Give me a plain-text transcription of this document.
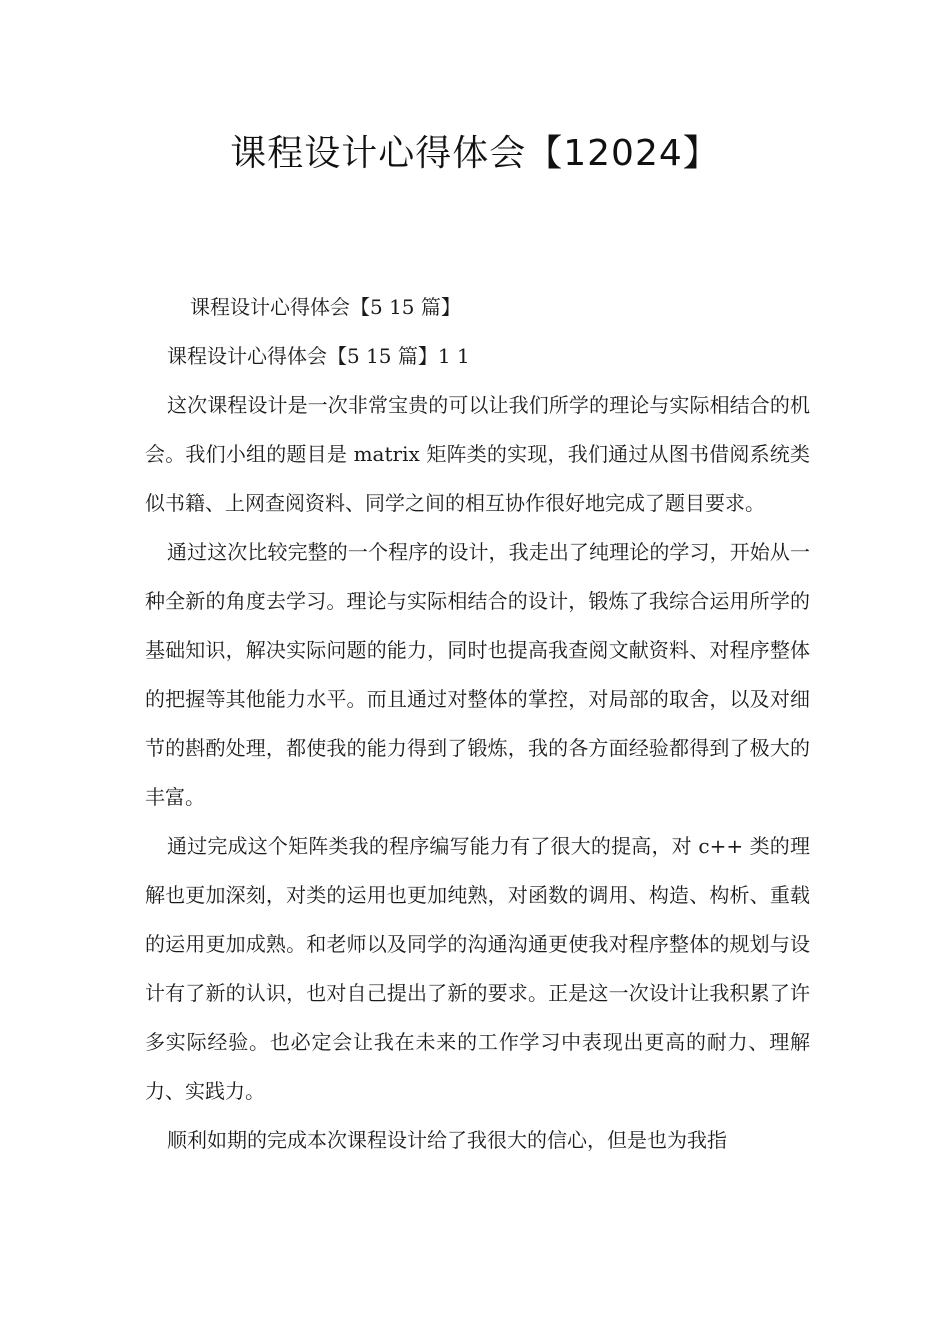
课程设计心得体会【12024】

课程设计心得体会【5 15 篇】

课程设计心得体会【5 15 篇】1 1

这次课程设计是一次非常宝贵的可以让我们所学的理论与实际相结合的机会。我们小组的题目是 matrix 矩阵类的实现，我们通过从图书借阅系统类似书籍、上网查阅资料、同学之间的相互协作很好地完成了题目要求。

通过这次比较完整的一个程序的设计，我走出了纯理论的学习，开始从一种全新的角度去学习。理论与实际相结合的设计，锻炼了我综合运用所学的基础知识，解决实际问题的能力，同时也提高我查阅文献资料、对程序整体的把握等其他能力水平。而且通过对整体的掌控，对局部的取舍，以及对细节的斟酌处理，都使我的能力得到了锻炼，我的各方面经验都得到了极大的丰富。

通过完成这个矩阵类我的程序编写能力有了很大的提高，对 c++ 类的理解也更加深刻，对类的运用也更加纯熟，对函数的调用、构造、构析、重载的运用更加成熟。和老师以及同学的沟通沟通更使我对程序整体的规划与设计有了新的认识，也对自己提出了新的要求。正是这一次设计让我积累了许多实际经验。也必定会让我在未来的工作学习中表现出更高的耐力、理解力、实践力。

顺利如期的完成本次课程设计给了我很大的信心，但是也为我指
